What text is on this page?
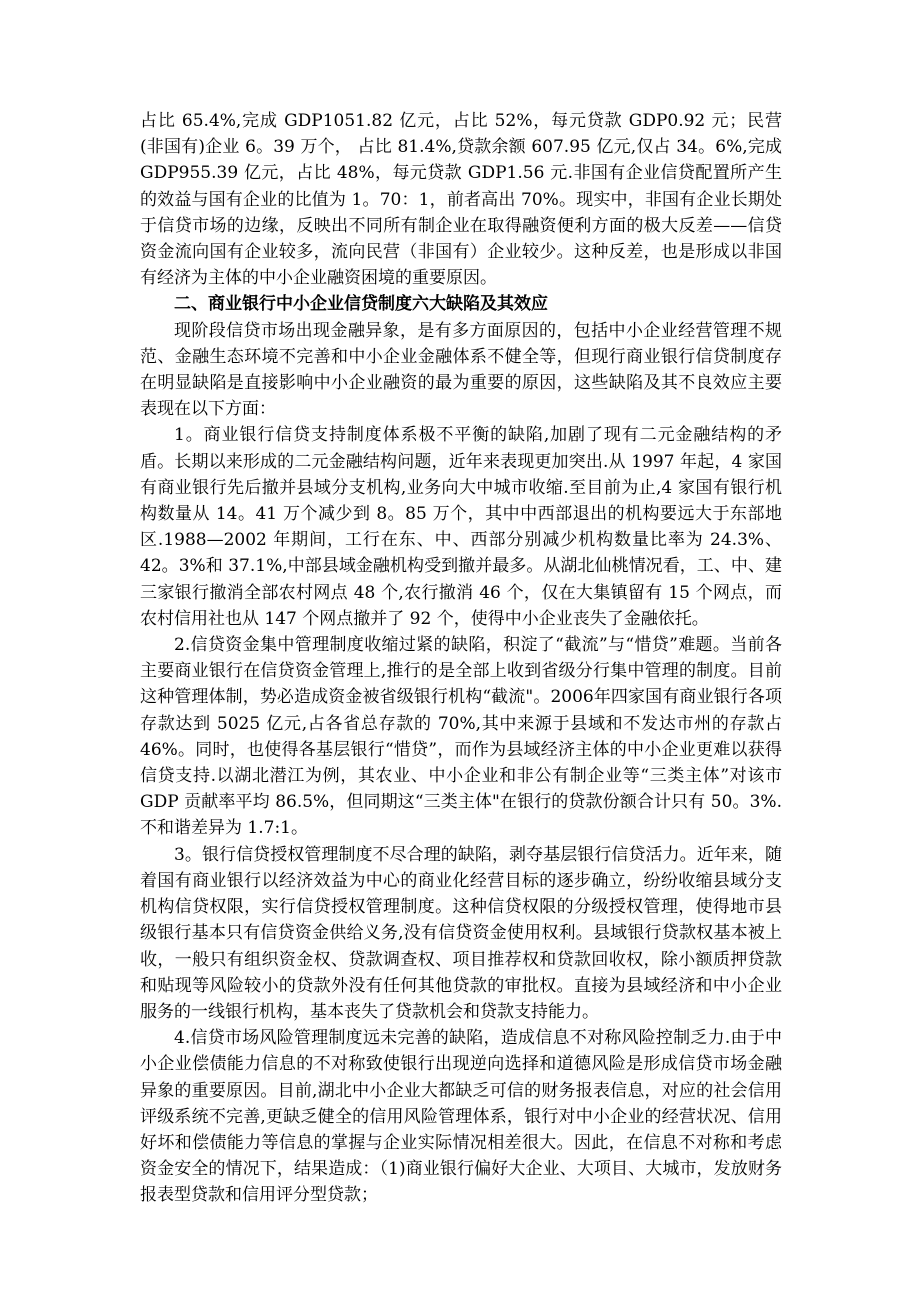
占比 65.4%,完成 GDP1051.82 亿元，占比 52%，每元贷款 GDP0.92 元；民营(非国有)企业 6。39 万个， 占比 81.4%,贷款余额 607.95 亿元,仅占 34。6%,完成 GDP955.39 亿元，占比 48%，每元贷款 GDP1.56 元.非国有企业信贷配置所产生的效益与国有企业的比值为 1。70：1，前者高出 70%。现实中，非国有企业长期处于信贷市场的边缘，反映出不同所有制企业在取得融资便利方面的极大反差——信贷资金流向国有企业较多，流向民营（非国有）企业较少。这种反差，也是形成以非国有经济为主体的中小企业融资困境的重要原因。

二、商业银行中小企业信贷制度六大缺陷及其效应

现阶段信贷市场出现金融异象，是有多方面原因的，包括中小企业经营管理不规范、金融生态环境不完善和中小企业金融体系不健全等，但现行商业银行信贷制度存在明显缺陷是直接影响中小企业融资的最为重要的原因，这些缺陷及其不良效应主要表现在以下方面：

1。商业银行信贷支持制度体系极不平衡的缺陷,加剧了现有二元金融结构的矛盾。长期以来形成的二元金融结构问题，近年来表现更加突出.从 1997 年起，4 家国有商业银行先后撤并县域分支机构,业务向大中城市收缩.至目前为止,4 家国有银行机构数量从 14。41 万个减少到 8。85 万个，其中中西部退出的机构要远大于东部地区.1988—2002 年期间，工行在东、中、西部分别减少机构数量比率为 24.3%、42。3%和 37.1%,中部县域金融机构受到撤并最多。从湖北仙桃情况看，工、中、建三家银行撤消全部农村网点 48 个,农行撤消 46 个，仅在大集镇留有 15 个网点，而农村信用社也从 147 个网点撤并了 92 个，使得中小企业丧失了金融依托。

2.信贷资金集中管理制度收缩过紧的缺陷，积淀了“截流”与“惜贷”难题。当前各主要商业银行在信贷资金管理上,推行的是全部上收到省级分行集中管理的制度。目前这种管理体制，势必造成资金被省级银行机构“截流"。2006年四家国有商业银行各项存款达到 5025 亿元,占各省总存款的 70%,其中来源于县域和不发达市州的存款占 46%。同时，也使得各基层银行“惜贷”，而作为县域经济主体的中小企业更难以获得信贷支持.以湖北潜江为例，其农业、中小企业和非公有制企业等“三类主体”对该市 GDP 贡献率平均 86.5%，但同期这“三类主体"在银行的贷款份额合计只有 50。3%.不和谐差异为 1.7:1。

3。银行信贷授权管理制度不尽合理的缺陷，剥夺基层银行信贷活力。近年来，随着国有商业银行以经济效益为中心的商业化经营目标的逐步确立，纷纷收缩县域分支机构信贷权限，实行信贷授权管理制度。这种信贷权限的分级授权管理，使得地市县级银行基本只有信贷资金供给义务,没有信贷资金使用权利。县域银行贷款权基本被上收，一般只有组织资金权、贷款调查权、项目推荐权和贷款回收权，除小额质押贷款和贴现等风险较小的贷款外没有任何其他贷款的审批权。直接为县域经济和中小企业服务的一线银行机构，基本丧失了贷款机会和贷款支持能力。

4.信贷市场风险管理制度远未完善的缺陷，造成信息不对称风险控制乏力.由于中小企业偿债能力信息的不对称致使银行出现逆向选择和道德风险是形成信贷市场金融异象的重要原因。目前,湖北中小企业大都缺乏可信的财务报表信息，对应的社会信用评级系统不完善,更缺乏健全的信用风险管理体系，银行对中小企业的经营状况、信用好坏和偿债能力等信息的掌握与企业实际情况相差很大。因此，在信息不对称和考虑资金安全的情况下，结果造成：（1)商业银行偏好大企业、大项目、大城市，发放财务报表型贷款和信用评分型贷款；
